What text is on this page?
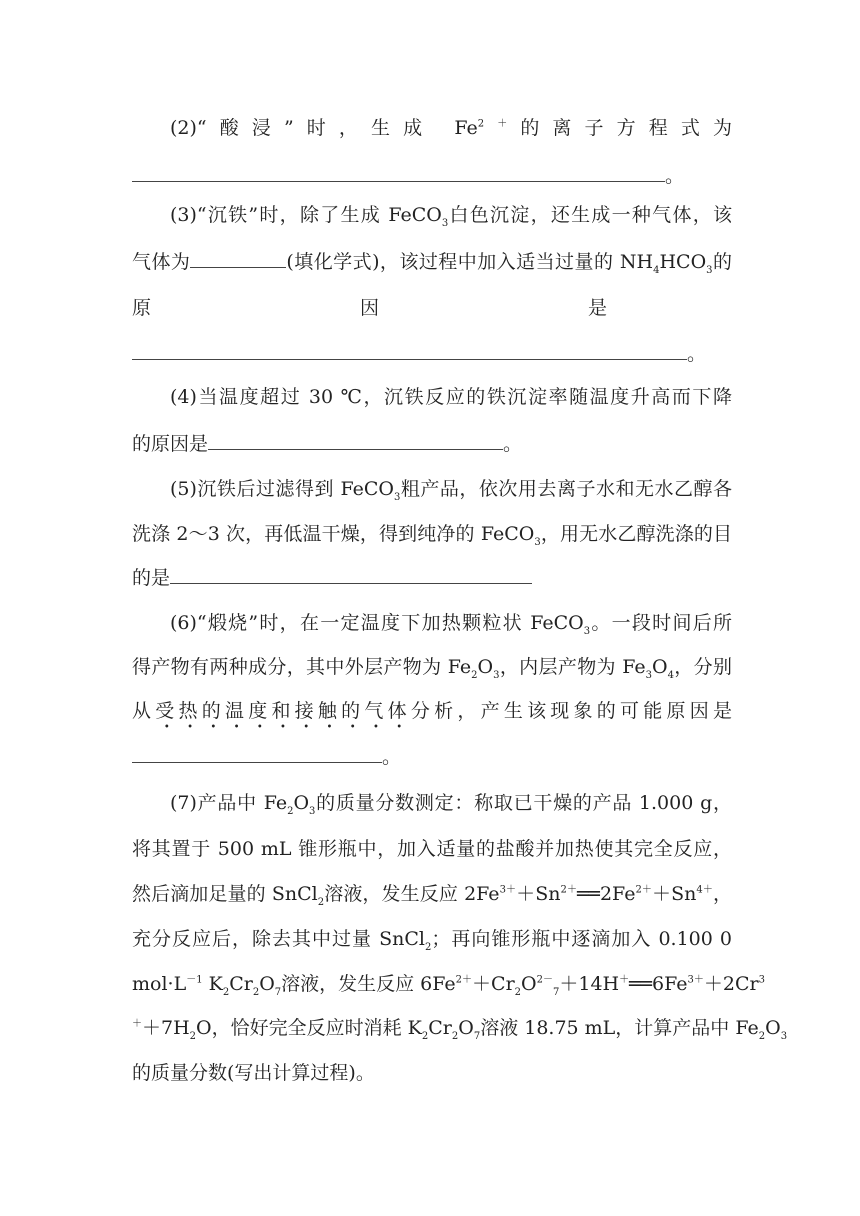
(2)“酸浸”时，生成 $Fe^{2+}$的离子方程式为
。
(3)“沉铁”时，除了生成 FeCO$_3$白色沉淀，还生成一种气体，该
气体为	(填化学式)，该过程中加入适当过量的 $NH_4HCO_3$的
原　　　　　　　　　　　因　　　　　　　　　　　是
。
(4)当温度超过 30 ℃，沉铁反应的铁沉淀率随温度升高而下降
的原因是	。
(5)沉铁后过滤得到 FeCO$_3$粗产品，依次用去离子水和无水乙醇各
洗涤 2～3 次，再低温干燥，得到纯净的 FeCO$_3$，用无水乙醇洗涤的目
的是
(6)“煅烧”时，在一定温度下加热颗粒状 FeCO$_3$。一段时间后所
得产物有两种成分，其中外层产物为 $Fe_2O_3$，内层产物为 $Fe_3O_4$，分别
从受热的温度和接触的气体分析，产生该现象的可能原因是
。
(7)产品中 $Fe_2O_3$的质量分数测定：称取已干燥的产品 1.000 g，
将其置于 500 mL 锥形瓶中，加入适量的盐酸并加热使其完全反应，
然后滴加足量的 SnCl$_2$溶液，发生反应 $2Fe^{3+}+Sn^{2+}══2Fe^{2+}+Sn^{4+}$，
充分反应后，除去其中过量 SnCl$_2$；再向锥形瓶中逐滴加入 0.100 0
$mol\cdot L^{-1}$ $K_2Cr_2O_7$溶液，发生反应 $6Fe^{2+}+Cr_2O^{2-}_7+14H^+══6Fe^{3+}+2Cr^3$
$^++7H_2O$，恰好完全反应时消耗 $K_2Cr_2O_7$溶液 18.75 mL，计算产品中 $Fe_2O_3$
的质量分数(写出计算过程)。
